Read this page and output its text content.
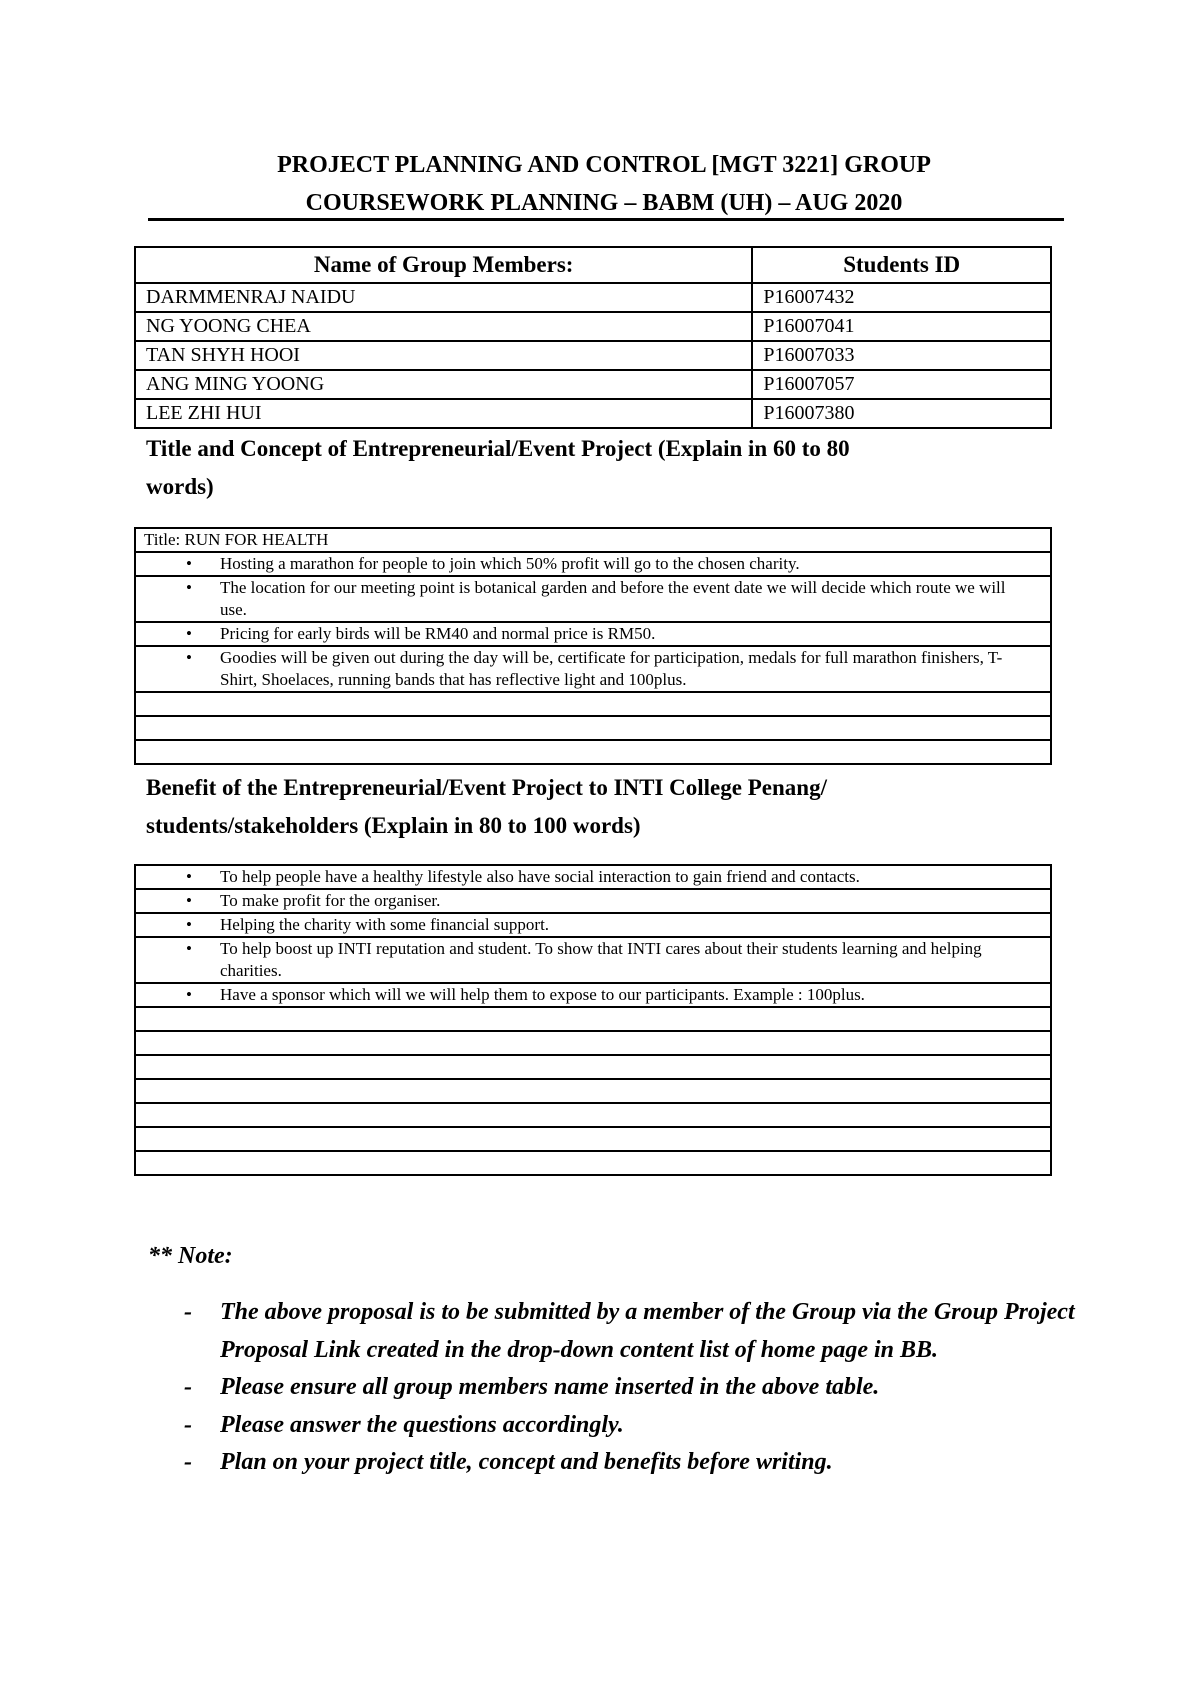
PROJECT PLANNING AND CONTROL [MGT 3221] GROUP
COURSEWORK PLANNING – BABM (UH) – AUG 2020
Name of Group Members:	Students ID
DARMMENRAJ NAIDU	P16007432
NG YOONG CHEA	P16007041
TAN SHYH HOOI	P16007033
ANG MING YOONG	P16007057
LEE ZHI HUI	P16007380
Title and Concept of Entrepreneurial/Event Project (Explain in 60 to 80
words)
Title: RUN FOR HEALTH

• Hosting a marathon for people to join which 50% profit will go to the chosen charity.

• The location for our meeting point is botanical garden and before the event date we will decide which route we will use.

• Pricing for early birds will be RM40 and normal price is RM50.

• Goodies will be given out during the day will be, certificate for participation, medals for full marathon finishers, T-Shirt, Shoelaces, running bands that has reflective light and 100plus.

Benefit of the Entrepreneurial/Event Project to INTI College Penang/
students/stakeholders (Explain in 80 to 100 words)
• To help people have a healthy lifestyle also have social interaction to gain friend and contacts.

• To make profit for the organiser.

• Helping the charity with some financial support.

• To help boost up INTI reputation and student. To show that INTI cares about their students learning and helping charities.

• Have a sponsor which will we will help them to expose to our participants. Example : 100plus.

** Note:
- The above proposal is to be submitted by a member of the Group via the Group Project Proposal Link created in the drop-down content list of home page in BB.
- Please ensure all group members name inserted in the above table.
- Please answer the questions accordingly.
- Plan on your project title, concept and benefits before writing.
